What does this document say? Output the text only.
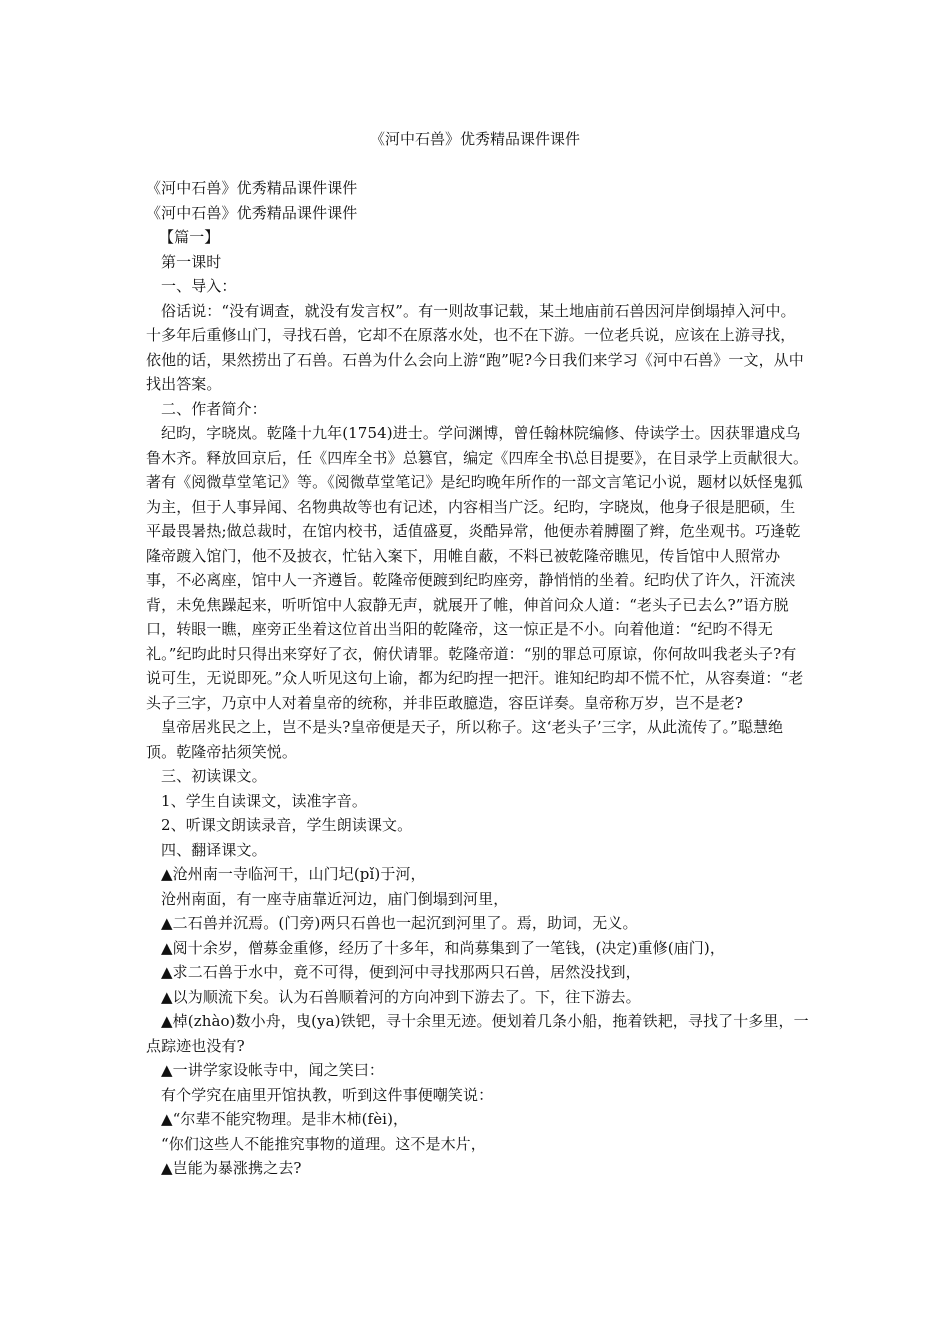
《河中石兽》优秀精品课件课件

《河中石兽》优秀精品课件课件

《河中石兽》优秀精品课件课件

【篇一】

第一课时

一、导入：

俗话说：“没有调查，就没有发言权”。有一则故事记载，某土地庙前石兽因河岸倒塌掉入河中。十多年后重修山门，寻找石兽，它却不在原落水处，也不在下游。一位老兵说，应该在上游寻找，依他的话，果然捞出了石兽。石兽为什么会向上游“跑”呢?今日我们来学习《河中石兽》一文，从中找出答案。

二、作者简介：

纪昀，字晓岚。乾隆十九年(1754)进士。学问渊博，曾任翰林院编修、侍读学士。因获罪遣戍乌鲁木齐。释放回京后，任《四库全书》总篡官，编定《四库全书\总目提要》，在目录学上贡献很大。著有《阅微草堂笔记》等。《阅微草堂笔记》是纪昀晚年所作的一部文言笔记小说，题材以妖怪鬼狐为主，但于人事异闻、名物典故等也有记述，内容相当广泛。纪昀，字晓岚，他身子很是肥硕，生平最畏暑热;做总裁时，在馆内校书，适值盛夏，炎酷异常，他便赤着膊圈了辫，危坐观书。巧逢乾隆帝踱入馆门，他不及披衣，忙钻入案下，用帷自蔽，不料已被乾隆帝瞧见，传旨馆中人照常办事，不必离座，馆中人一齐遵旨。乾隆帝便踱到纪昀座旁，静悄悄的坐着。纪昀伏了许久，汗流浃背，未免焦躁起来，听听馆中人寂静无声，就展开了帷，伸首问众人道：“老头子已去么?”语方脱口，转眼一瞧，座旁正坐着这位首出当阳的乾隆帝，这一惊正是不小。向着他道：“纪昀不得无礼。”纪昀此时只得出来穿好了衣，俯伏请罪。乾隆帝道：“别的罪总可原谅，你何故叫我老头子?有说可生，无说即死。”众人听见这句上谕，都为纪昀捏一把汗。谁知纪昀却不慌不忙，从容奏道：“老头子三字，乃京中人对着皇帝的统称，并非臣敢臆造，容臣详奏。皇帝称万岁，岂不是老?

皇帝居兆民之上，岂不是头?皇帝便是天子，所以称子。这‘老头子’三字，从此流传了。”聪慧绝顶。乾隆帝拈须笑悦。

三、初读课文。

1、学生自读课文，读准字音。

2、听课文朗读录音，学生朗读课文。

四、翻译课文。

▲沧州南一寺临河干，山门圮(pǐ)于河，

沧州南面，有一座寺庙靠近河边，庙门倒塌到河里，

▲二石兽并沉焉。(门旁)两只石兽也一起沉到河里了。焉，助词，无义。

▲阅十余岁，僧募金重修，经历了十多年，和尚募集到了一笔钱，(决定)重修(庙门)，

▲求二石兽于水中，竟不可得，便到河中寻找那两只石兽，居然没找到，

▲以为顺流下矣。认为石兽顺着河的方向冲到下游去了。下，往下游去。

▲棹(zhào)数小舟，曳(ya)铁钯，寻十余里无迹。便划着几条小船，拖着铁耙，寻找了十多里，一点踪迹也没有?

▲一讲学家设帐寺中，闻之笑曰：

有个学究在庙里开馆执教，听到这件事便嘲笑说：

▲“尔辈不能究物理。是非木柿(fèi)，

“你们这些人不能推究事物的道理。这不是木片，

▲岂能为暴涨携之去?
